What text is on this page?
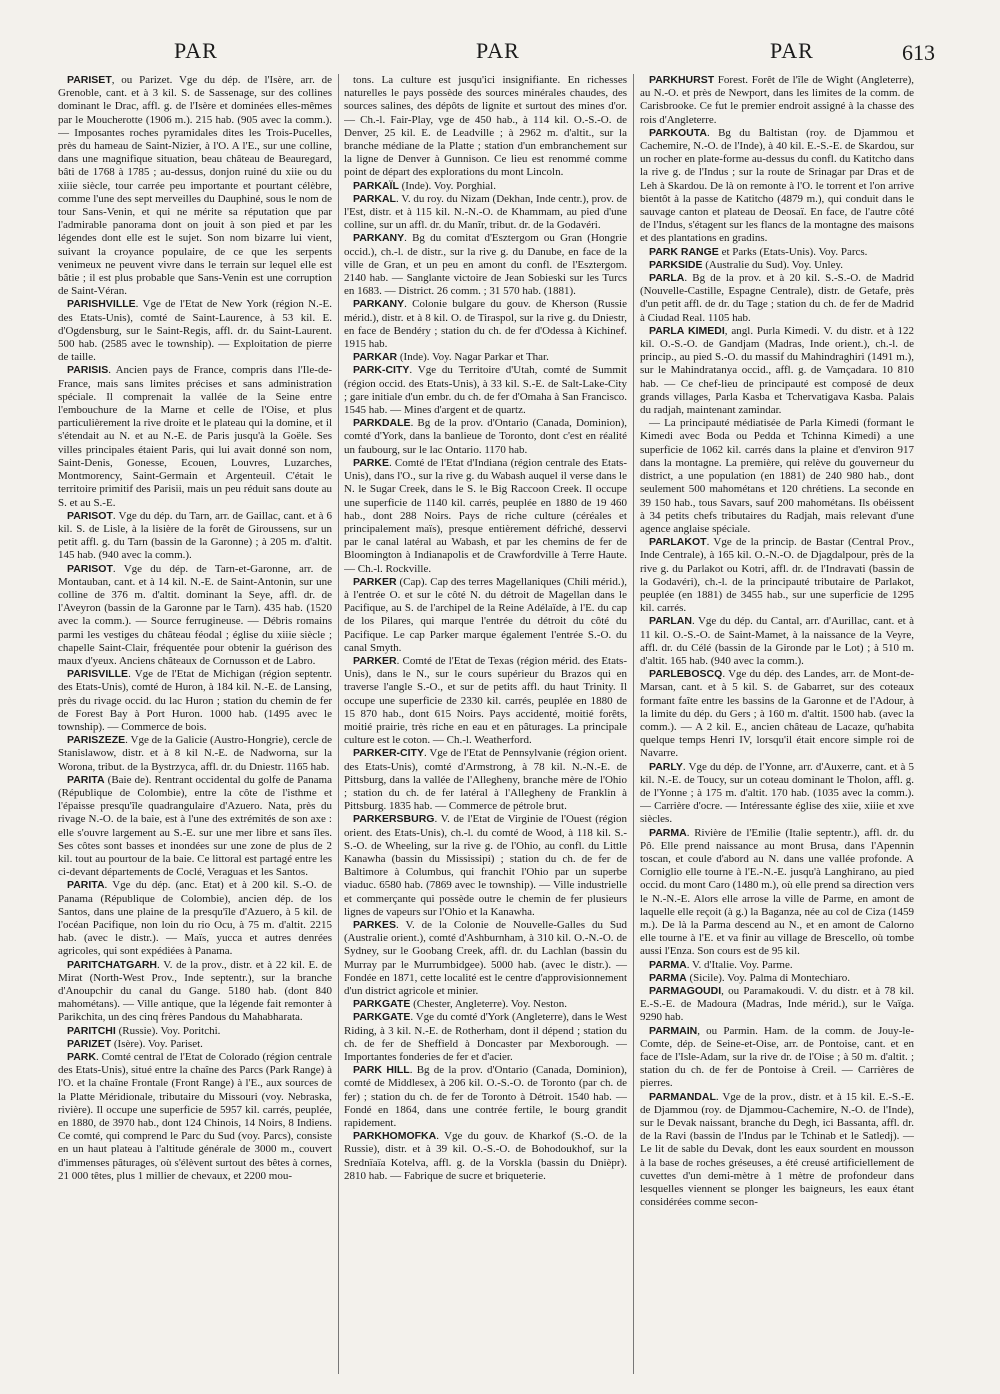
PAR	PAR	PAR	613

PARISET, ou Parizet. Vge du dép. de l'Isère, arr. de Grenoble, cant. et à 3 kil. S. de Sassenage, sur des collines dominant le Drac, affl. g. de l'Isère et dominées elles-mêmes par le Moucherotte (1906 m.). 215 hab. (905 avec la comm.). — Imposantes roches pyramidales dites les Trois-Pucelles, près du hameau de Saint-Nizier, à l'O. A l'E., sur une colline, dans une magnifique situation, beau château de Beauregard, bâti de 1768 à 1785 ; au-dessus, donjon ruiné du xiie ou du xiiie siècle, tour carrée peu importante et pourtant célèbre, comme l'une des sept merveilles du Dauphiné, sous le nom de tour Sans-Venin, et qui ne mérite sa réputation que par l'admirable panorama dont on jouit à son pied et par les légendes dont elle est le sujet. Son nom bizarre lui vient, suivant la croyance populaire, de ce que les serpents venimeux ne peuvent vivre dans le terrain sur lequel elle est bâtie ; il est plus probable que Sans-Venin est une corruption de Saint-Véran.

PARISHVILLE. Vge de l'Etat de New York (région N.-E. des Etats-Unis), comté de Saint-Laurence, à 53 kil. E. d'Ogdensburg, sur le Saint-Regis, affl. dr. du Saint-Laurent. 500 hab. (2585 avec le township). — Exploitation de pierre de taille.

PARISIS. Ancien pays de France, compris dans l'Ile-de-France, mais sans limites précises et sans administration spéciale. Il comprenait la vallée de la Seine entre l'embouchure de la Marne et celle de l'Oise, et plus particulièrement la rive droite et le plateau qui la domine, et il s'étendait au N. et au N.-E. de Paris jusqu'à la Goële. Ses villes principales étaient Paris, qui lui avait donné son nom, Saint-Denis, Gonesse, Ecouen, Louvres, Luzarches, Montmorency, Saint-Germain et Argenteuil. C'était le territoire primitif des Parisii, mais un peu réduit sans doute au S. et au S.-E.

PARISOT. Vge du dép. du Tarn, arr. de Gaillac, cant. et à 6 kil. S. de Lisle, à la lisière de la forêt de Giroussens, sur un petit affl. g. du Tarn (bassin de la Garonne) ; à 205 m. d'altit. 145 hab. (940 avec la comm.).

PARISOT. Vge du dép. de Tarn-et-Garonne, arr. de Montauban, cant. et à 14 kil. N.-E. de Saint-Antonin, sur une colline de 376 m. d'altit. dominant la Seye, affl. dr. de l'Aveyron (bassin de la Garonne par le Tarn). 435 hab. (1520 avec la comm.). — Source ferrugineuse. — Débris romains parmi les vestiges du château féodal ; église du xiiie siècle ; chapelle Saint-Clair, fréquentée pour obtenir la guérison des maux d'yeux. Anciens châteaux de Cornusson et de Labro.

PARISVILLE. Vge de l'Etat de Michigan (région septentr. des Etats-Unis), comté de Huron, à 184 kil. N.-E. de Lansing, près du rivage occid. du lac Huron ; station du chemin de fer de Forest Bay à Port Huron. 1000 hab. (1495 avec le township). — Commerce de bois.

PARISZEZE. Vge de la Galicie (Austro-Hongrie), cercle de Stanislawow, distr. et à 8 kil N.-E. de Nadworna, sur la Worona, tribut. de la Bystrzyca, affl. dr. du Dniestr. 1165 hab.

PARITA (Baie de). Rentrant occidental du golfe de Panama (République de Colombie), entre la côte de l'isthme et l'épaisse presqu'île quadrangulaire d'Azuero. Nata, près du rivage N.-O. de la baie, est à l'une des extrémités de son axe : elle s'ouvre largement au S.-E. sur une mer libre et sans îles. Ses côtes sont basses et inondées sur une zone de plus de 2 kil. tout au pourtour de la baie. Ce littoral est partagé entre les ci-devant départements de Coclé, Veraguas et les Santos.

PARITA. Vge du dép. (anc. Etat) et à 200 kil. S.-O. de Panama (République de Colombie), ancien dép. de los Santos, dans une plaine de la presqu'île d'Azuero, à 5 kil. de l'océan Pacifique, non loin du rio Ocu, à 75 m. d'altit. 2215 hab. (avec le distr.). — Maïs, yucca et autres denrées agricoles, qui sont expédiées à Panama.

PARITCHATGARH. V. de la prov., distr. et à 22 kil. E. de Mirat (North-West Prov., Inde septentr.), sur la branche d'Anoupchir du canal du Gange. 5180 hab. (dont 840 mahométans). — Ville antique, que la légende fait remonter à Parikchita, un des cinq frères Pandous du Mahabharata.

PARITCHI (Russie). Voy. Poritchi.

PARIZET (Isère). Voy. Pariset.

PARK. Comté central de l'Etat de Colorado (région centrale des Etats-Unis), situé entre la chaîne des Parcs (Park Range) à l'O. et la chaîne Frontale (Front Range) à l'E., aux sources de la Platte Méridionale, tributaire du Missouri (voy. Nebraska, rivière). Il occupe une superficie de 5957 kil. carrés, peuplée, en 1880, de 3970 hab., dont 124 Chinois, 14 Noirs, 8 Indiens. Ce comté, qui comprend le Parc du Sud (voy. Parcs), consiste en un haut plateau à l'altitude générale de 3000 m., couvert d'immenses pâturages, où s'élèvent surtout des bêtes à cornes, 21 000 têtes, plus 1 millier de chevaux, et 2200 mou-

tons. La culture est jusqu'ici insignifiante. En richesses naturelles le pays possède des sources minérales chaudes, des sources salines, des dépôts de lignite et surtout des mines d'or. — Ch.-l. Fair-Play, vge de 450 hab., à 114 kil. O.-S.-O. de Denver, 25 kil. E. de Leadville ; à 2962 m. d'altit., sur la branche médiane de la Platte ; station d'un embranchement sur la ligne de Denver à Gunnison. Ce lieu est renommé comme point de départ des explorations du mont Lincoln.

PARKAÏL (Inde). Voy. Porghial.

PARKAL. V. du roy. du Nizam (Dekhan, Inde centr.), prov. de l'Est, distr. et à 115 kil. N.-N.-O. de Khammam, au pied d'une colline, sur un affl. dr. du Manîr, tribut. dr. de la Godavéri.

PARKANY. Bg du comitat d'Esztergom ou Gran (Hongrie occid.), ch.-l. de distr., sur la rive g. du Danube, en face de la ville de Gran, et un peu en amont du confl. de l'Esztergom. 2140 hab. — Sanglante victoire de Jean Sobieski sur les Turcs en 1683. — District. 26 comm. ; 31 570 hab. (1881).

PARKANY. Colonie bulgare du gouv. de Kherson (Russie mérid.), distr. et à 8 kil. O. de Tiraspol, sur la rive g. du Dniestr, en face de Bendéry ; station du ch. de fer d'Odessa à Kichinef. 1915 hab.

PARKAR (Inde). Voy. Nagar Parkar et Thar.

PARK-CITY. Vge du Territoire d'Utah, comté de Summit (région occid. des Etats-Unis), à 33 kil. S.-E. de Salt-Lake-City ; gare initiale d'un embr. du ch. de fer d'Omaha à San Francisco. 1545 hab. — Mines d'argent et de quartz.

PARKDALE. Bg de la prov. d'Ontario (Canada, Dominion), comté d'York, dans la banlieue de Toronto, dont c'est en réalité un faubourg, sur le lac Ontario. 1170 hab.

PARKE. Comté de l'Etat d'Indiana (région centrale des Etats-Unis), dans l'O., sur la rive g. du Wabash auquel il verse dans le N. le Sugar Creek, dans le S. le Big Raccoon Creek. Il occupe une superficie de 1140 kil. carrés, peuplée en 1880 de 19 460 hab., dont 288 Noirs. Pays de riche culture (céréales et principalement maïs), presque entièrement défriché, desservi par le canal latéral au Wabash, et par les chemins de fer de Bloomington à Indianapolis et de Crawfordville à Terre Haute. — Ch.-l. Rockville.

PARKER (Cap). Cap des terres Magellaniques (Chili mérid.), à l'entrée O. et sur le côté N. du détroit de Magellan dans le Pacifique, au S. de l'archipel de la Reine Adélaïde, à l'E. du cap de los Pilares, qui marque l'entrée du détroit du côté du Pacifique. Le cap Parker marque également l'entrée S.-O. du canal Smyth.

PARKER. Comté de l'Etat de Texas (région mérid. des Etats-Unis), dans le N., sur le cours supérieur du Brazos qui en traverse l'angle S.-O., et sur de petits affl. du haut Trinity. Il occupe une superficie de 2330 kil. carrés, peuplée en 1880 de 15 870 hab., dont 615 Noirs. Pays accidenté, moitié forêts, moitié prairie, très riche en eau et en pâturages. La principale culture est le coton. — Ch.-l. Weatherford.

PARKER-CITY. Vge de l'Etat de Pennsylvanie (région orient. des Etats-Unis), comté d'Armstrong, à 78 kil. N.-N.-E. de Pittsburg, dans la vallée de l'Allegheny, branche mère de l'Ohio ; station du ch. de fer latéral à l'Allegheny de Franklin à Pittsburg. 1835 hab. — Commerce de pétrole brut.

PARKERSBURG. V. de l'Etat de Virginie de l'Ouest (région orient. des Etats-Unis), ch.-l. du comté de Wood, à 118 kil. S.-S.-O. de Wheeling, sur la rive g. de l'Ohio, au confl. du Little Kanawha (bassin du Mississipi) ; station du ch. de fer de Baltimore à Columbus, qui franchit l'Ohio par un superbe viaduc. 6580 hab. (7869 avec le township). — Ville industrielle et commerçante qui possède outre le chemin de fer plusieurs lignes de vapeurs sur l'Ohio et la Kanawha.

PARKES. V. de la Colonie de Nouvelle-Galles du Sud (Australie orient.), comté d'Ashburnham, à 310 kil. O.-N.-O. de Sydney, sur le Goobang Creek, affl. dr. du Lachlan (bassin du Murray par le Murrumbidgee). 5000 hab. (avec le distr.). — Fondée en 1871, cette localité est le centre d'approvisionnement d'un district agricole et minier.

PARKGATE (Chester, Angleterre). Voy. Neston.

PARKGATE. Vge du comté d'York (Angleterre), dans le West Riding, à 3 kil. N.-E. de Rotherham, dont il dépend ; station du ch. de fer de Sheffield à Doncaster par Mexborough. — Importantes fonderies de fer et d'acier.

PARK HILL. Bg de la prov. d'Ontario (Canada, Dominion), comté de Middlesex, à 206 kil. O.-S.-O. de Toronto (par ch. de fer) ; station du ch. de fer de Toronto à Détroit. 1540 hab. — Fondé en 1864, dans une contrée fertile, le bourg grandit rapidement.

PARKHOMOFKA. Vge du gouv. de Kharkof (S.-O. de la Russie), distr. et à 39 kil. O.-S.-O. de Bohodoukhof, sur la Srednïaïa Kotelva, affl. g. de la Vorskla (bassin du Dnièpr). 2810 hab. — Fabrique de sucre et briqueterie.

PARKHURST Forest. Forêt de l'île de Wight (Angleterre), au N.-O. et près de Newport, dans les limites de la comm. de Carisbrooke. Ce fut le premier endroit assigné à la chasse des rois d'Angleterre.

PARKOUTA. Bg du Baltistan (roy. de Djammou et Cachemire, N.-O. de l'Inde), à 40 kil. E.-S.-E. de Skardou, sur un rocher en plate-forme au-dessus du confl. du Katitcho dans la rive g. de l'Indus ; sur la route de Srinagar par Dras et de Leh à Skardou. De là on remonte à l'O. le torrent et l'on arrive bientôt à la passe de Katitcho (4879 m.), qui conduit dans le sauvage canton et plateau de Deosaï. En face, de l'autre côté de l'Indus, s'étagent sur les flancs de la montagne des maisons et des plantations en gradins.

PARK RANGE et Parks (Etats-Unis). Voy. Parcs.

PARKSIDE (Australie du Sud). Voy. Unley.

PARLA. Bg de la prov. et à 20 kil. S.-S.-O. de Madrid (Nouvelle-Castille, Espagne Centrale), distr. de Getafe, près d'un petit affl. de dr. du Tage ; station du ch. de fer de Madrid à Ciudad Real. 1105 hab.

PARLA KIMEDI, angl. Purla Kimedi. V. du distr. et à 122 kil. O.-S.-O. de Gandjam (Madras, Inde orient.), ch.-l. de princip., au pied S.-O. du massif du Mahindraghiri (1491 m.), sur le Mahindratanya occid., affl. g. de Vamçadara. 10 810 hab. — Ce chef-lieu de principauté est composé de deux grands villages, Parla Kasba et Tchervatigava Kasba. Palais du radjah, maintenant zamindar.

— La principauté médiatisée de Parla Kimedi (formant le Kimedi avec Boda ou Pedda et Tchinna Kimedi) a une superficie de 1062 kil. carrés dans la plaine et d'environ 917 dans la montagne. La première, qui relève du gouverneur du district, a une population (en 1881) de 240 980 hab., dont seulement 500 mahométans et 120 chrétiens. La seconde en 39 150 hab., tous Savars, sauf 200 mahométans. Ils obéissent à 34 petits chefs tributaires du Radjah, mais relevant d'une agence anglaise spéciale.

PARLAKOT. Vge de la princip. de Bastar (Central Prov., Inde Centrale), à 165 kil. O.-N.-O. de Djagdalpour, près de la rive g. du Parlakot ou Kotri, affl. dr. de l'Indravati (bassin de la Godavéri), ch.-l. de la principauté tributaire de Parlakot, peuplée (en 1881) de 3455 hab., sur une superficie de 1295 kil. carrés.

PARLAN. Vge du dép. du Cantal, arr. d'Aurillac, cant. et à 11 kil. O.-S.-O. de Saint-Mamet, à la naissance de la Veyre, affl. dr. du Célé (bassin de la Gironde par le Lot) ; à 510 m. d'altit. 165 hab. (940 avec la comm.).

PARLEBOSCQ. Vge du dép. des Landes, arr. de Mont-de-Marsan, cant. et à 5 kil. S. de Gabarret, sur des coteaux formant faîte entre les bassins de la Garonne et de l'Adour, à la limite du dép. du Gers ; à 160 m. d'altit. 1500 hab. (avec la comm.). — A 2 kil. E., ancien château de Lacaze, qu'habita quelque temps Henri IV, lorsqu'il était encore simple roi de Navarre.

PARLY. Vge du dép. de l'Yonne, arr. d'Auxerre, cant. et à 5 kil. N.-E. de Toucy, sur un coteau dominant le Tholon, affl. g. de l'Yonne ; à 175 m. d'altit. 170 hab. (1035 avec la comm.). — Carrière d'ocre. — Intéressante église des xiie, xiiie et xve siècles.

PARMA. Rivière de l'Emilie (Italie septentr.), affl. dr. du Pô. Elle prend naissance au mont Brusa, dans l'Apennin toscan, et coule d'abord au N. dans une vallée profonde. A Corniglio elle tourne à l'E.-N.-E. jusqu'à Langhirano, au pied occid. du mont Caro (1480 m.), où elle prend sa direction vers le N.-N.-E. Alors elle arrose la ville de Parme, en amont de laquelle elle reçoit (à g.) la Baganza, née au col de Ciza (1459 m.). De là la Parma descend au N., et en amont de Calorno elle tourne à l'E. et va finir au village de Brescello, où tombe aussi l'Enza. Son cours est de 95 kil.

PARMA. V. d'Italie. Voy. Parme.

PARMA (Sicile). Voy. Palma di Montechiaro.

PARMAGOUDI, ou Paramakoudi. V. du distr. et à 78 kil. E.-S.-E. de Madoura (Madras, Inde mérid.), sur le Vaïga. 9290 hab.

PARMAIN, ou Parmin. Ham. de la comm. de Jouy-le-Comte, dép. de Seine-et-Oise, arr. de Pontoise, cant. et en face de l'Isle-Adam, sur la rive dr. de l'Oise ; à 50 m. d'altit. ; station du ch. de fer de Pontoise à Creil. — Carrières de pierres.

PARMANDAL. Vge de la prov., distr. et à 15 kil. E.-S.-E. de Djammou (roy. de Djammou-Cachemire, N.-O. de l'Inde), sur le Devak naissant, branche du Degh, ici Bassanta, affl. dr. de la Ravi (bassin de l'Indus par le Tchinab et le Satledj). — Le lit de sable du Devak, dont les eaux sourdent en mousson à la base de roches gréseuses, a été creusé artificiellement de cuvettes d'un demi-mètre à 1 mètre de profondeur dans lesquelles viennent se plonger les baigneurs, les eaux étant considérées comme secon-
